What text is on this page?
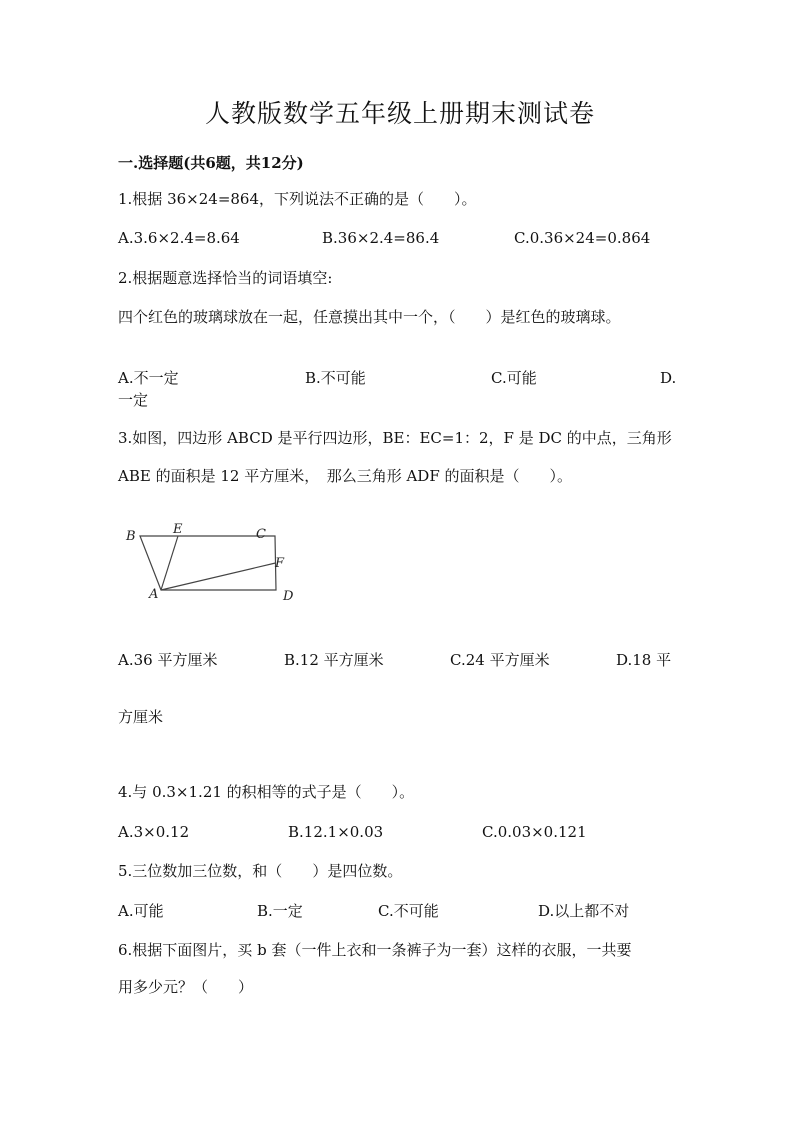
人教版数学五年级上册期末测试卷
一.选择题(共6题，共12分)
1.根据 36×24=864，下列说法不正确的是（　　）。
A.3.6×2.4=8.64	B.36×2.4=86.4	C.0.36×24=0.864
2.根据题意选择恰当的词语填空:
四个红色的玻璃球放在一起，任意摸出其中一个，（　　）是红色的玻璃球。
A.不一定	B.不可能	C.可能	D.
一定
3.如图，四边形 ABCD 是平行四边形，BE：EC=1：2，F 是 DC 的中点，三角形
ABE 的面积是 12 平方厘米，　那么三角形 ADF 的面积是（　　）。
B	E	C
F
A	D
A.36 平方厘米	B.12 平方厘米	C.24 平方厘米	D.18 平
方厘米
4.与 0.3×1.21 的积相等的式子是（　　）。
A.3×0.12	B.12.1×0.03	C.0.03×0.121
5.三位数加三位数，和（　　）是四位数。
A.可能	B.一定	C.不可能	D.以上都不对
6.根据下面图片，买 b 套（一件上衣和一条裤子为一套）这样的衣服，一共要
用多少元？（　　）
